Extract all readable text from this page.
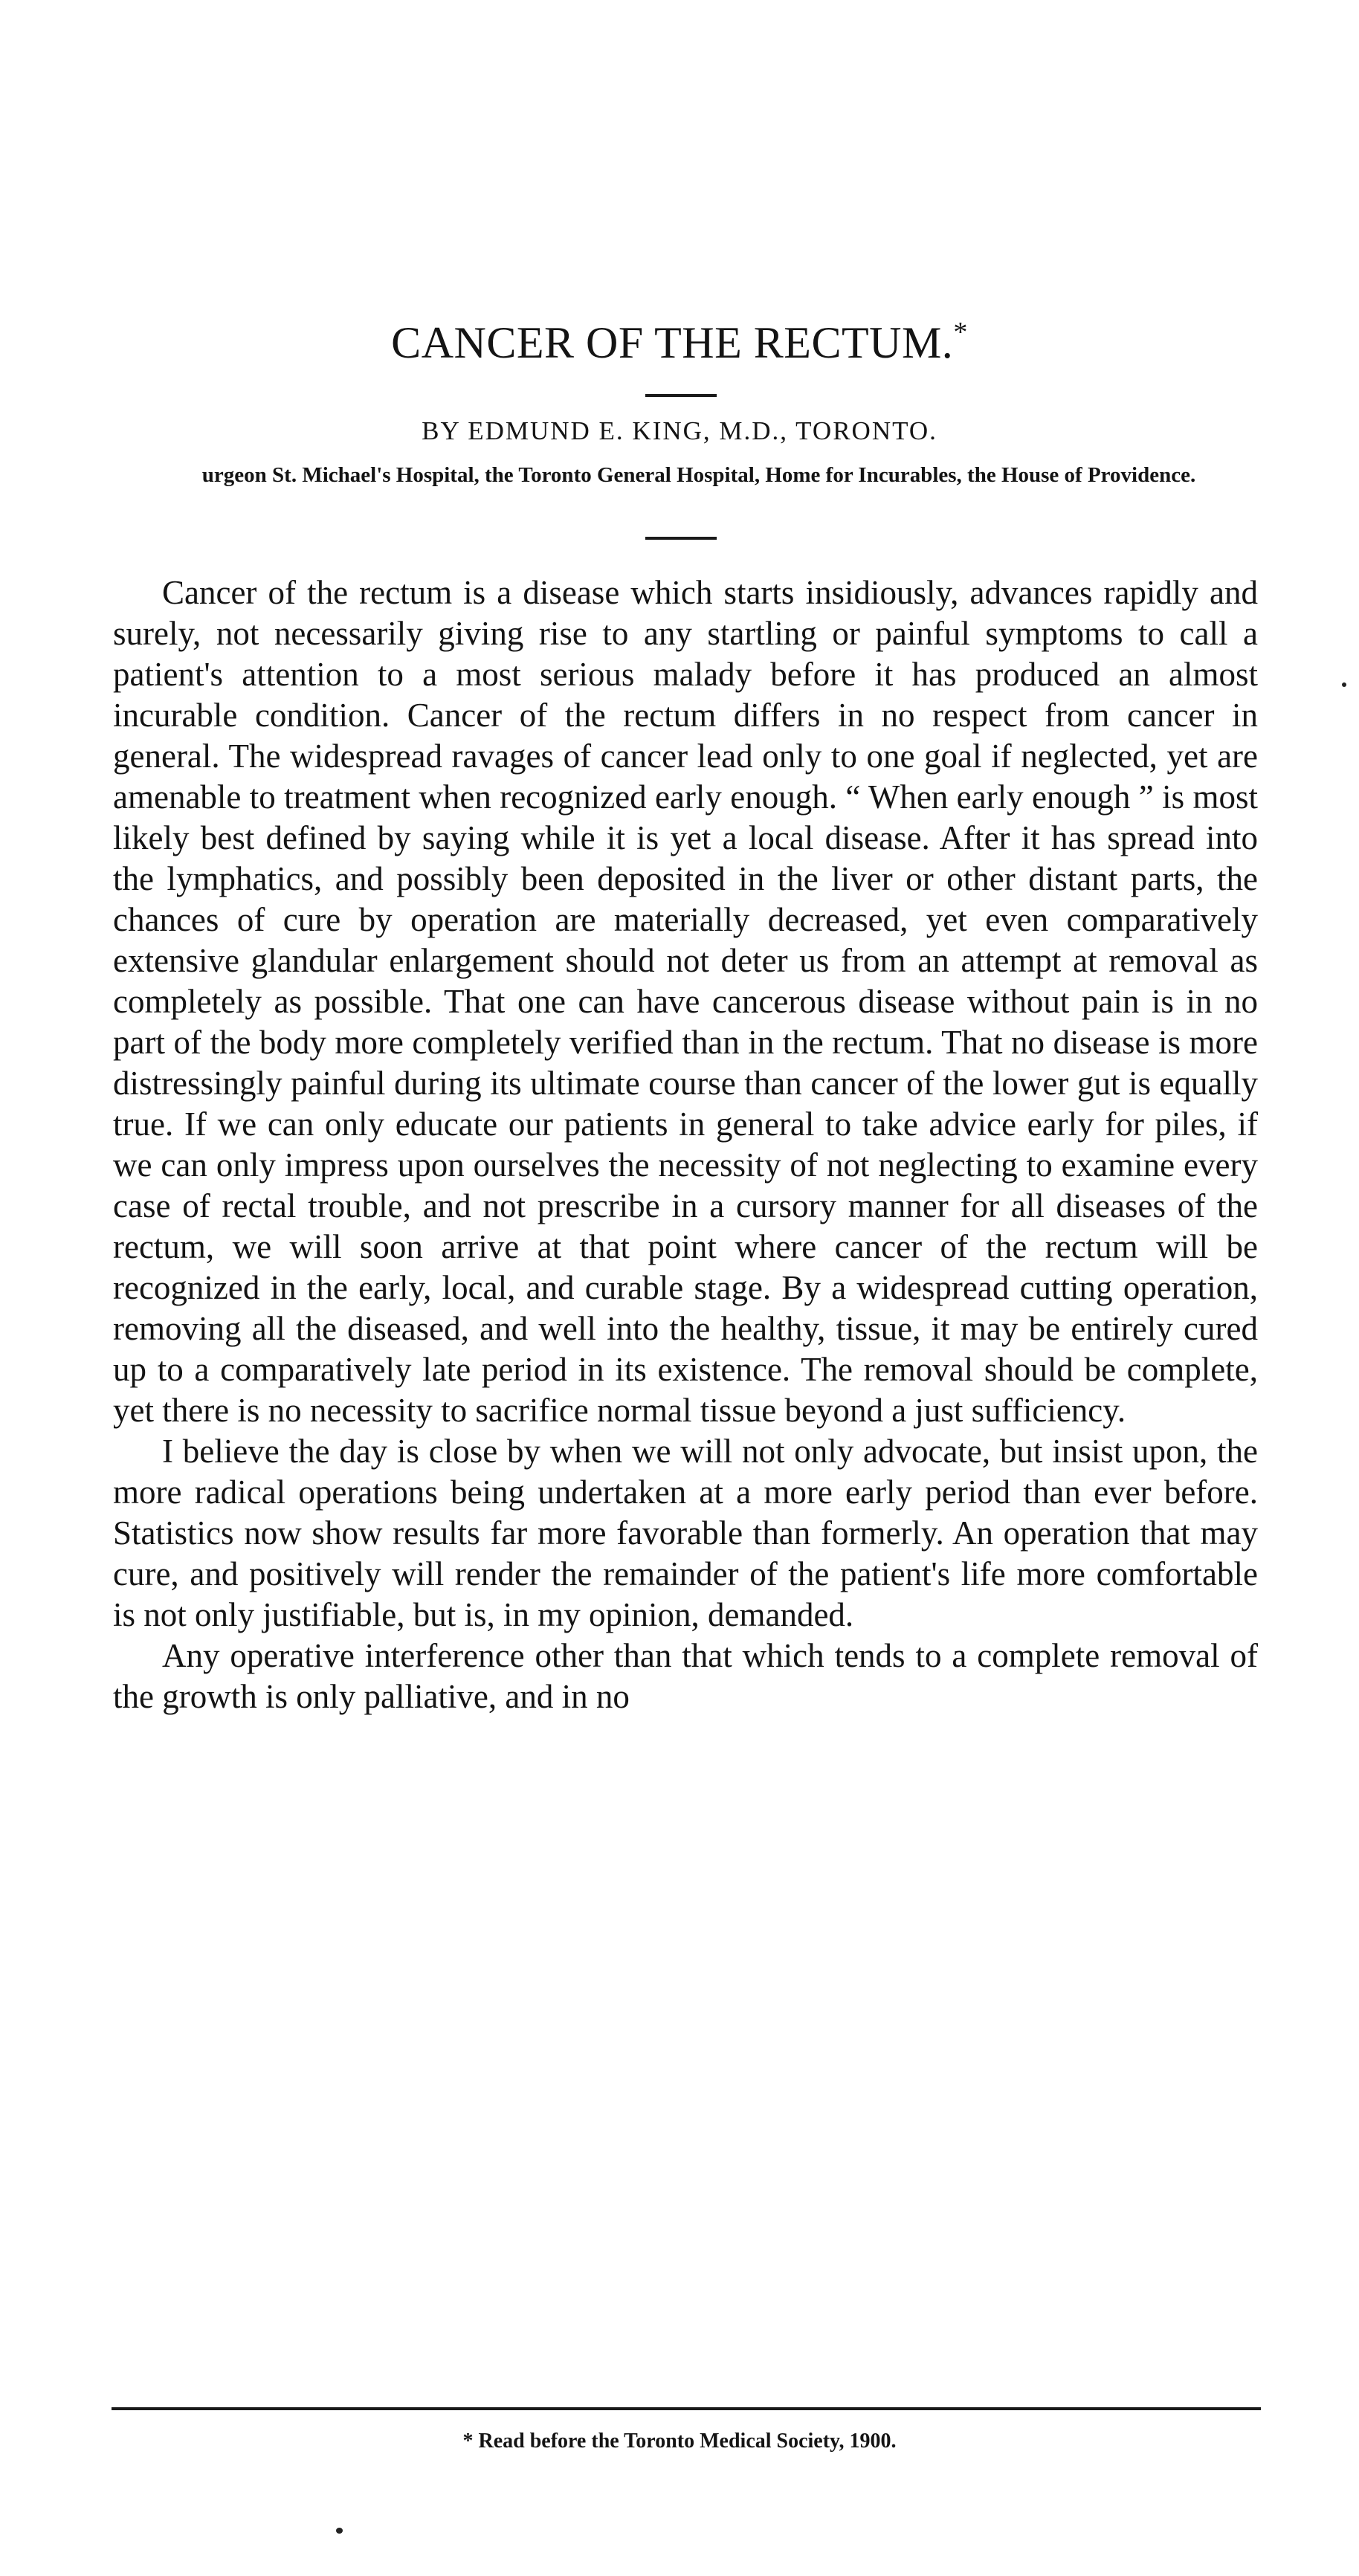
CANCER OF THE RECTUM.*
BY EDMUND E. KING, M.D., TORONTO.
urgeon St. Michael's Hospital, the Toronto General Hospital, Home for Incurables, the House of Providence.

Cancer of the rectum is a disease which starts insidiously, advances rapidly and surely, not necessarily giving rise to any startling or painful symptoms to call a patient's attention to a most serious malady before it has produced an almost incurable condition. Cancer of the rectum differs in no respect from cancer in general. The widespread ravages of cancer lead only to one goal if neglected, yet are amenable to treatment when recognized early enough. “ When early enough ” is most likely best defined by saying while it is yet a local disease. After it has spread into the lymphatics, and possibly been deposited in the liver or other distant parts, the chances of cure by operation are materially decreased, yet even comparatively extensive glandular enlargement should not deter us from an attempt at removal as completely as possible. That one can have cancerous disease without pain is in no part of the body more completely verified than in the rectum. That no disease is more distressingly painful during its ultimate course than cancer of the lower gut is equally true. If we can only educate our patients in general to take advice early for piles, if we can only impress upon ourselves the necessity of not neglecting to examine every case of rectal trouble, and not prescribe in a cursory manner for all diseases of the rectum, we will soon arrive at that point where cancer of the rectum will be recognized in the early, local, and curable stage. By a widespread cutting operation, removing all the diseased, and well into the healthy, tissue, it may be entirely cured up to a comparatively late period in its existence. The removal should be complete, yet there is no necessity to sacrifice normal tissue beyond a just sufficiency.

I believe the day is close by when we will not only advocate, but insist upon, the more radical operations being undertaken at a more early period than ever before. Statistics now show results far more favorable than formerly. An operation that may cure, and positively will render the remainder of the patient's life more comfortable is not only justifiable, but is, in my opinion, demanded.

Any operative interference other than that which tends to a complete removal of the growth is only palliative, and in no

* Read before the Toronto Medical Society, 1900.
